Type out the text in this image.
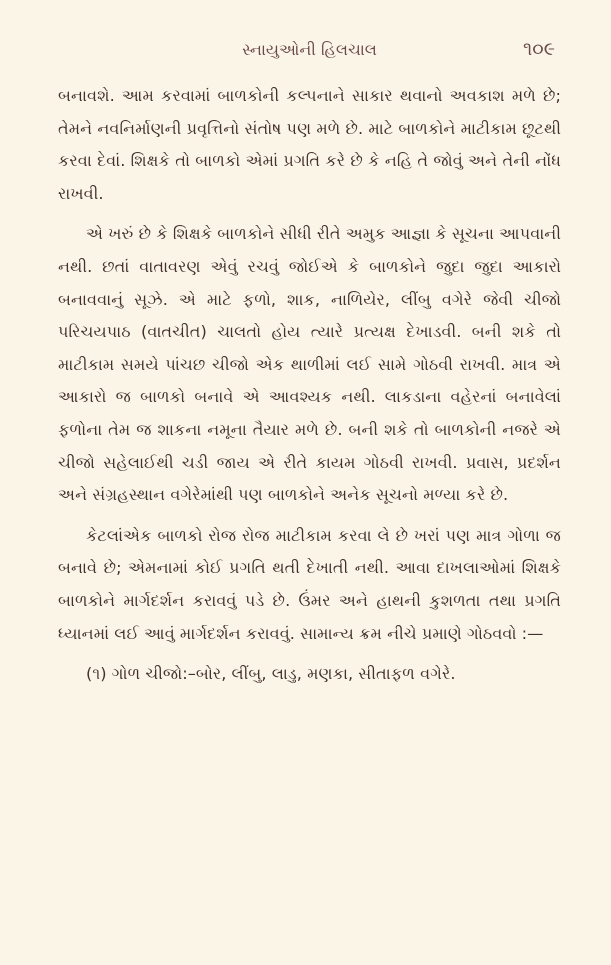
સ્નાયુઓની હિલચાલ	૧૦૯

બનાવશે. આમ કરવામાં બાળકોની કલ્પનાને સાકાર થવાનો અવકાશ મળે છે; તેમને નવનિર્માણની પ્રવૃત્તિનો સંતોષ પણ મળે છે. માટે બાળકોને માટીકામ છૂટથી કરવા દેવાં. શિક્ષકે તો બાળકો એમાં પ્રગતિ કરે છે કે નહિ તે જોવું અને તેની નોંધ રાખવી.

એ ખરું છે કે શિક્ષકે બાળકોને સીધી રીતે અમુક આજ્ઞા કે સૂચના આપવાની નથી. છતાં વાતાવરણ એવું રચવું જોઈએ કે બાળકોને જુદા જુદા આકારો બનાવવાનું સૂઝે. એ માટે ફળો, શાક, નાળિયેર, લીંબુ વગેરે જેવી ચીજો પરિચયપાઠ (વાતચીત) ચાલતો હોય ત્યારે પ્રત્યક્ષ દેખાડવી. બની શકે તો માટીકામ સમયે પાંચછ ચીજો એક થાળીમાં લઈ સામે ગોઠવી રાખવી. માત્ર એ આકારો જ બાળકો બનાવે એ આવશ્યક નથી. લાકડાના વહેરનાં બનાવેલાં ફળોના તેમ જ શાકના નમૂના તૈયાર મળે છે. બની શકે તો બાળકોની નજરે એ ચીજો સહેલાઈથી ચડી જાય એ રીતે કાયમ ગોઠવી રાખવી. પ્રવાસ, પ્રદર્શન અને સંગ્રહસ્થાન વગેરેમાંથી પણ બાળકોને અનેક સૂચનો મળ્યા કરે છે.

કેટલાંએક બાળકો રોજ રોજ માટીકામ કરવા લે છે ખરાં પણ માત્ર ગોળા જ બનાવે છે; એમનામાં કોઈ પ્રગતિ થતી દેખાતી નથી. આવા દાખલાઓમાં શિક્ષકે બાળકોને માર્ગદર્શન કરાવવું પડે છે. ઉંમર અને હાથની કુશળતા તથા પ્રગતિ ધ્યાનમાં લઈ આવું માર્ગદર્શન કરાવવું. સામાન્ય ક્રમ નીચે પ્રમાણે ગોઠવવો :—

(૧) ગોળ ચીજો:–બોર, લીંબુ, લાડુ, મણકા, સીતાફળ વગેરે.
